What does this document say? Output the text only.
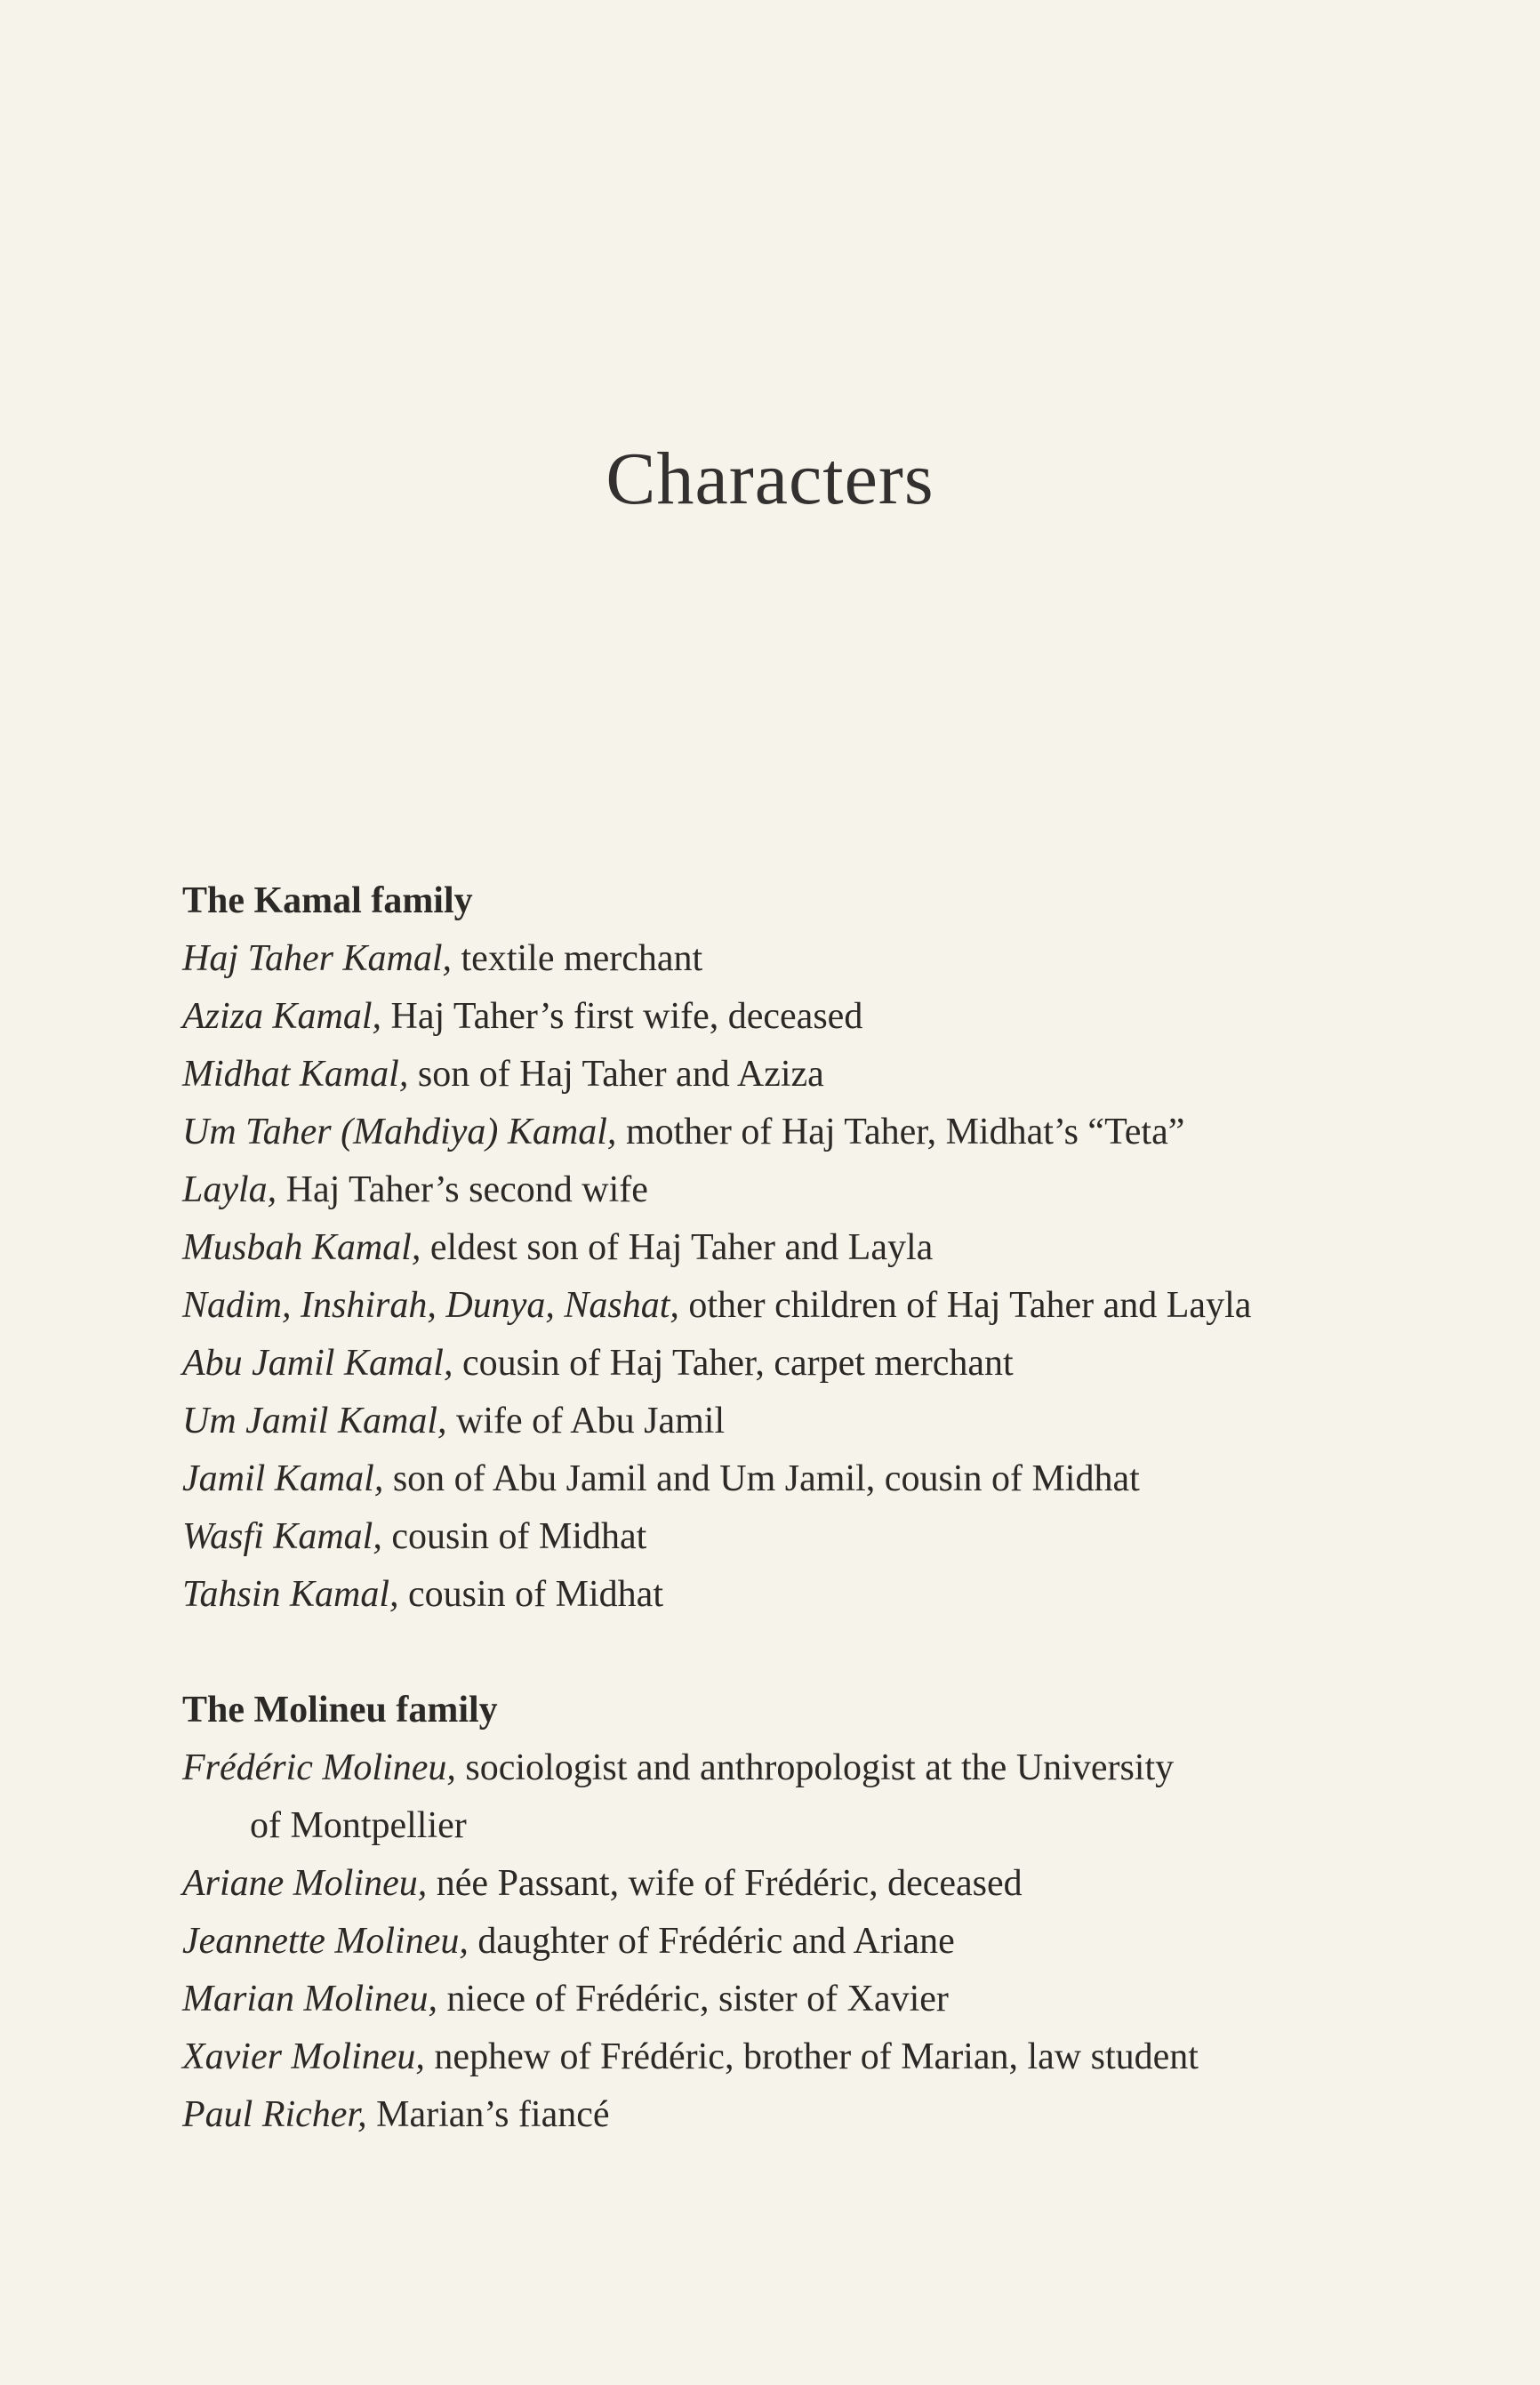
Characters
The Kamal family
Haj Taher Kamal, textile merchant
Aziza Kamal, Haj Taher’s first wife, deceased
Midhat Kamal, son of Haj Taher and Aziza
Um Taher (Mahdiya) Kamal, mother of Haj Taher, Midhat’s “Teta”
Layla, Haj Taher’s second wife
Musbah Kamal, eldest son of Haj Taher and Layla
Nadim, Inshirah, Dunya, Nashat, other children of Haj Taher and Layla
Abu Jamil Kamal, cousin of Haj Taher, carpet merchant
Um Jamil Kamal, wife of Abu Jamil
Jamil Kamal, son of Abu Jamil and Um Jamil, cousin of Midhat
Wasfi Kamal, cousin of Midhat
Tahsin Kamal, cousin of Midhat
The Molineu family
Frédéric Molineu, sociologist and anthropologist at the University of Montpellier
Ariane Molineu, née Passant, wife of Frédéric, deceased
Jeannette Molineu, daughter of Frédéric and Ariane
Marian Molineu, niece of Frédéric, sister of Xavier
Xavier Molineu, nephew of Frédéric, brother of Marian, law student
Paul Richer, Marian’s fiancé
